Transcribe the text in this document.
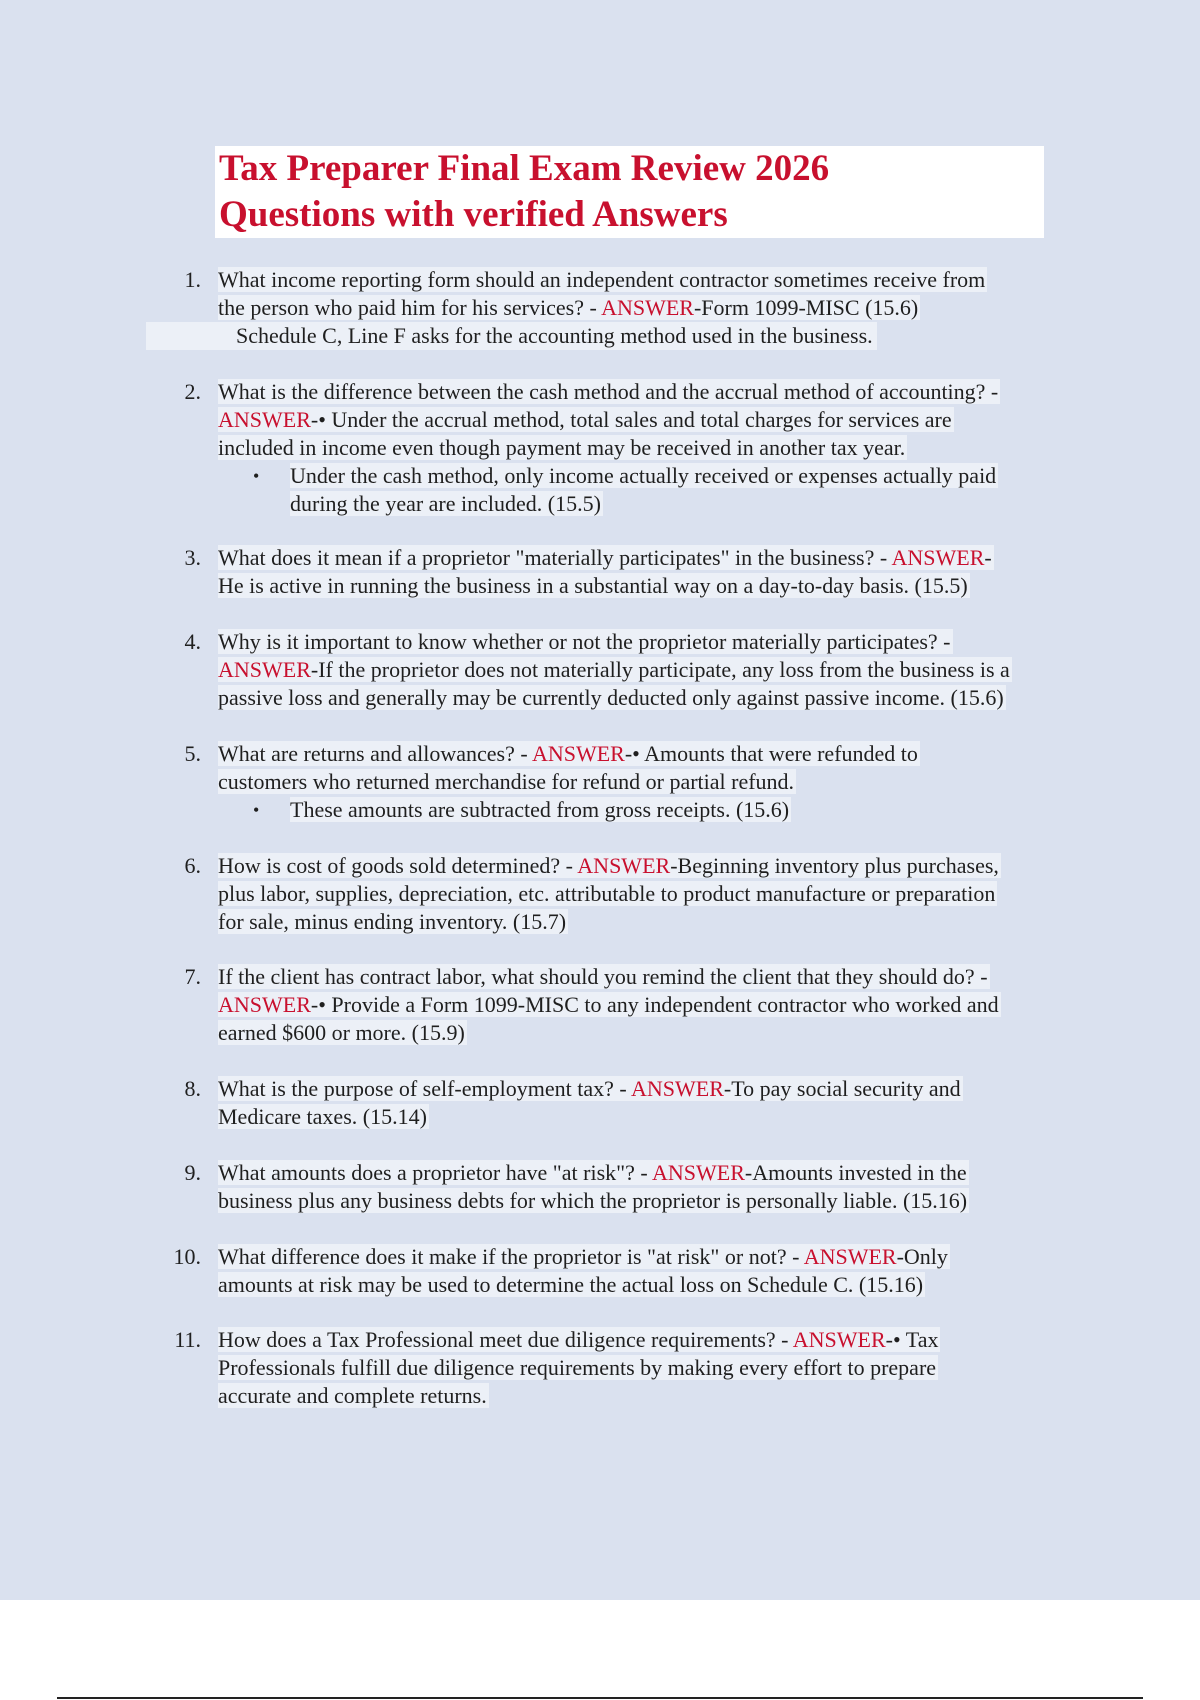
Tax Preparer Final Exam Review 2026
Questions with verified Answers
1. What income reporting form should an independent contractor sometimes receive from
the person who paid him for his services? - ANSWER-Form 1099-MISC (15.6)
Schedule C, Line F asks for the accounting method used in the business.
2. What is the difference between the cash method and the accrual method of accounting? -
ANSWER-• Under the accrual method, total sales and total charges for services are
included in income even though payment may be received in another tax year.
• Under the cash method, only income actually received or expenses actually paid
during the year are included. (15.5)
3. What does it mean if a proprietor "materially participates" in the business? - ANSWER-
He is active in running the business in a substantial way on a day-to-day basis. (15.5)
4. Why is it important to know whether or not the proprietor materially participates? -
ANSWER-If the proprietor does not materially participate, any loss from the business is a
passive loss and generally may be currently deducted only against passive income. (15.6)
5. What are returns and allowances? - ANSWER-• Amounts that were refunded to
customers who returned merchandise for refund or partial refund.
• These amounts are subtracted from gross receipts. (15.6)
6. How is cost of goods sold determined? - ANSWER-Beginning inventory plus purchases,
plus labor, supplies, depreciation, etc. attributable to product manufacture or preparation
for sale, minus ending inventory. (15.7)
7. If the client has contract labor, what should you remind the client that they should do? -
ANSWER-• Provide a Form 1099-MISC to any independent contractor who worked and
earned $600 or more. (15.9)
8. What is the purpose of self-employment tax? - ANSWER-To pay social security and
Medicare taxes. (15.14)
9. What amounts does a proprietor have "at risk"? - ANSWER-Amounts invested in the
business plus any business debts for which the proprietor is personally liable. (15.16)
10. What difference does it make if the proprietor is "at risk" or not? - ANSWER-Only
amounts at risk may be used to determine the actual loss on Schedule C. (15.16)
11. How does a Tax Professional meet due diligence requirements? - ANSWER-• Tax
Professionals fulfill due diligence requirements by making every effort to prepare
accurate and complete returns.
